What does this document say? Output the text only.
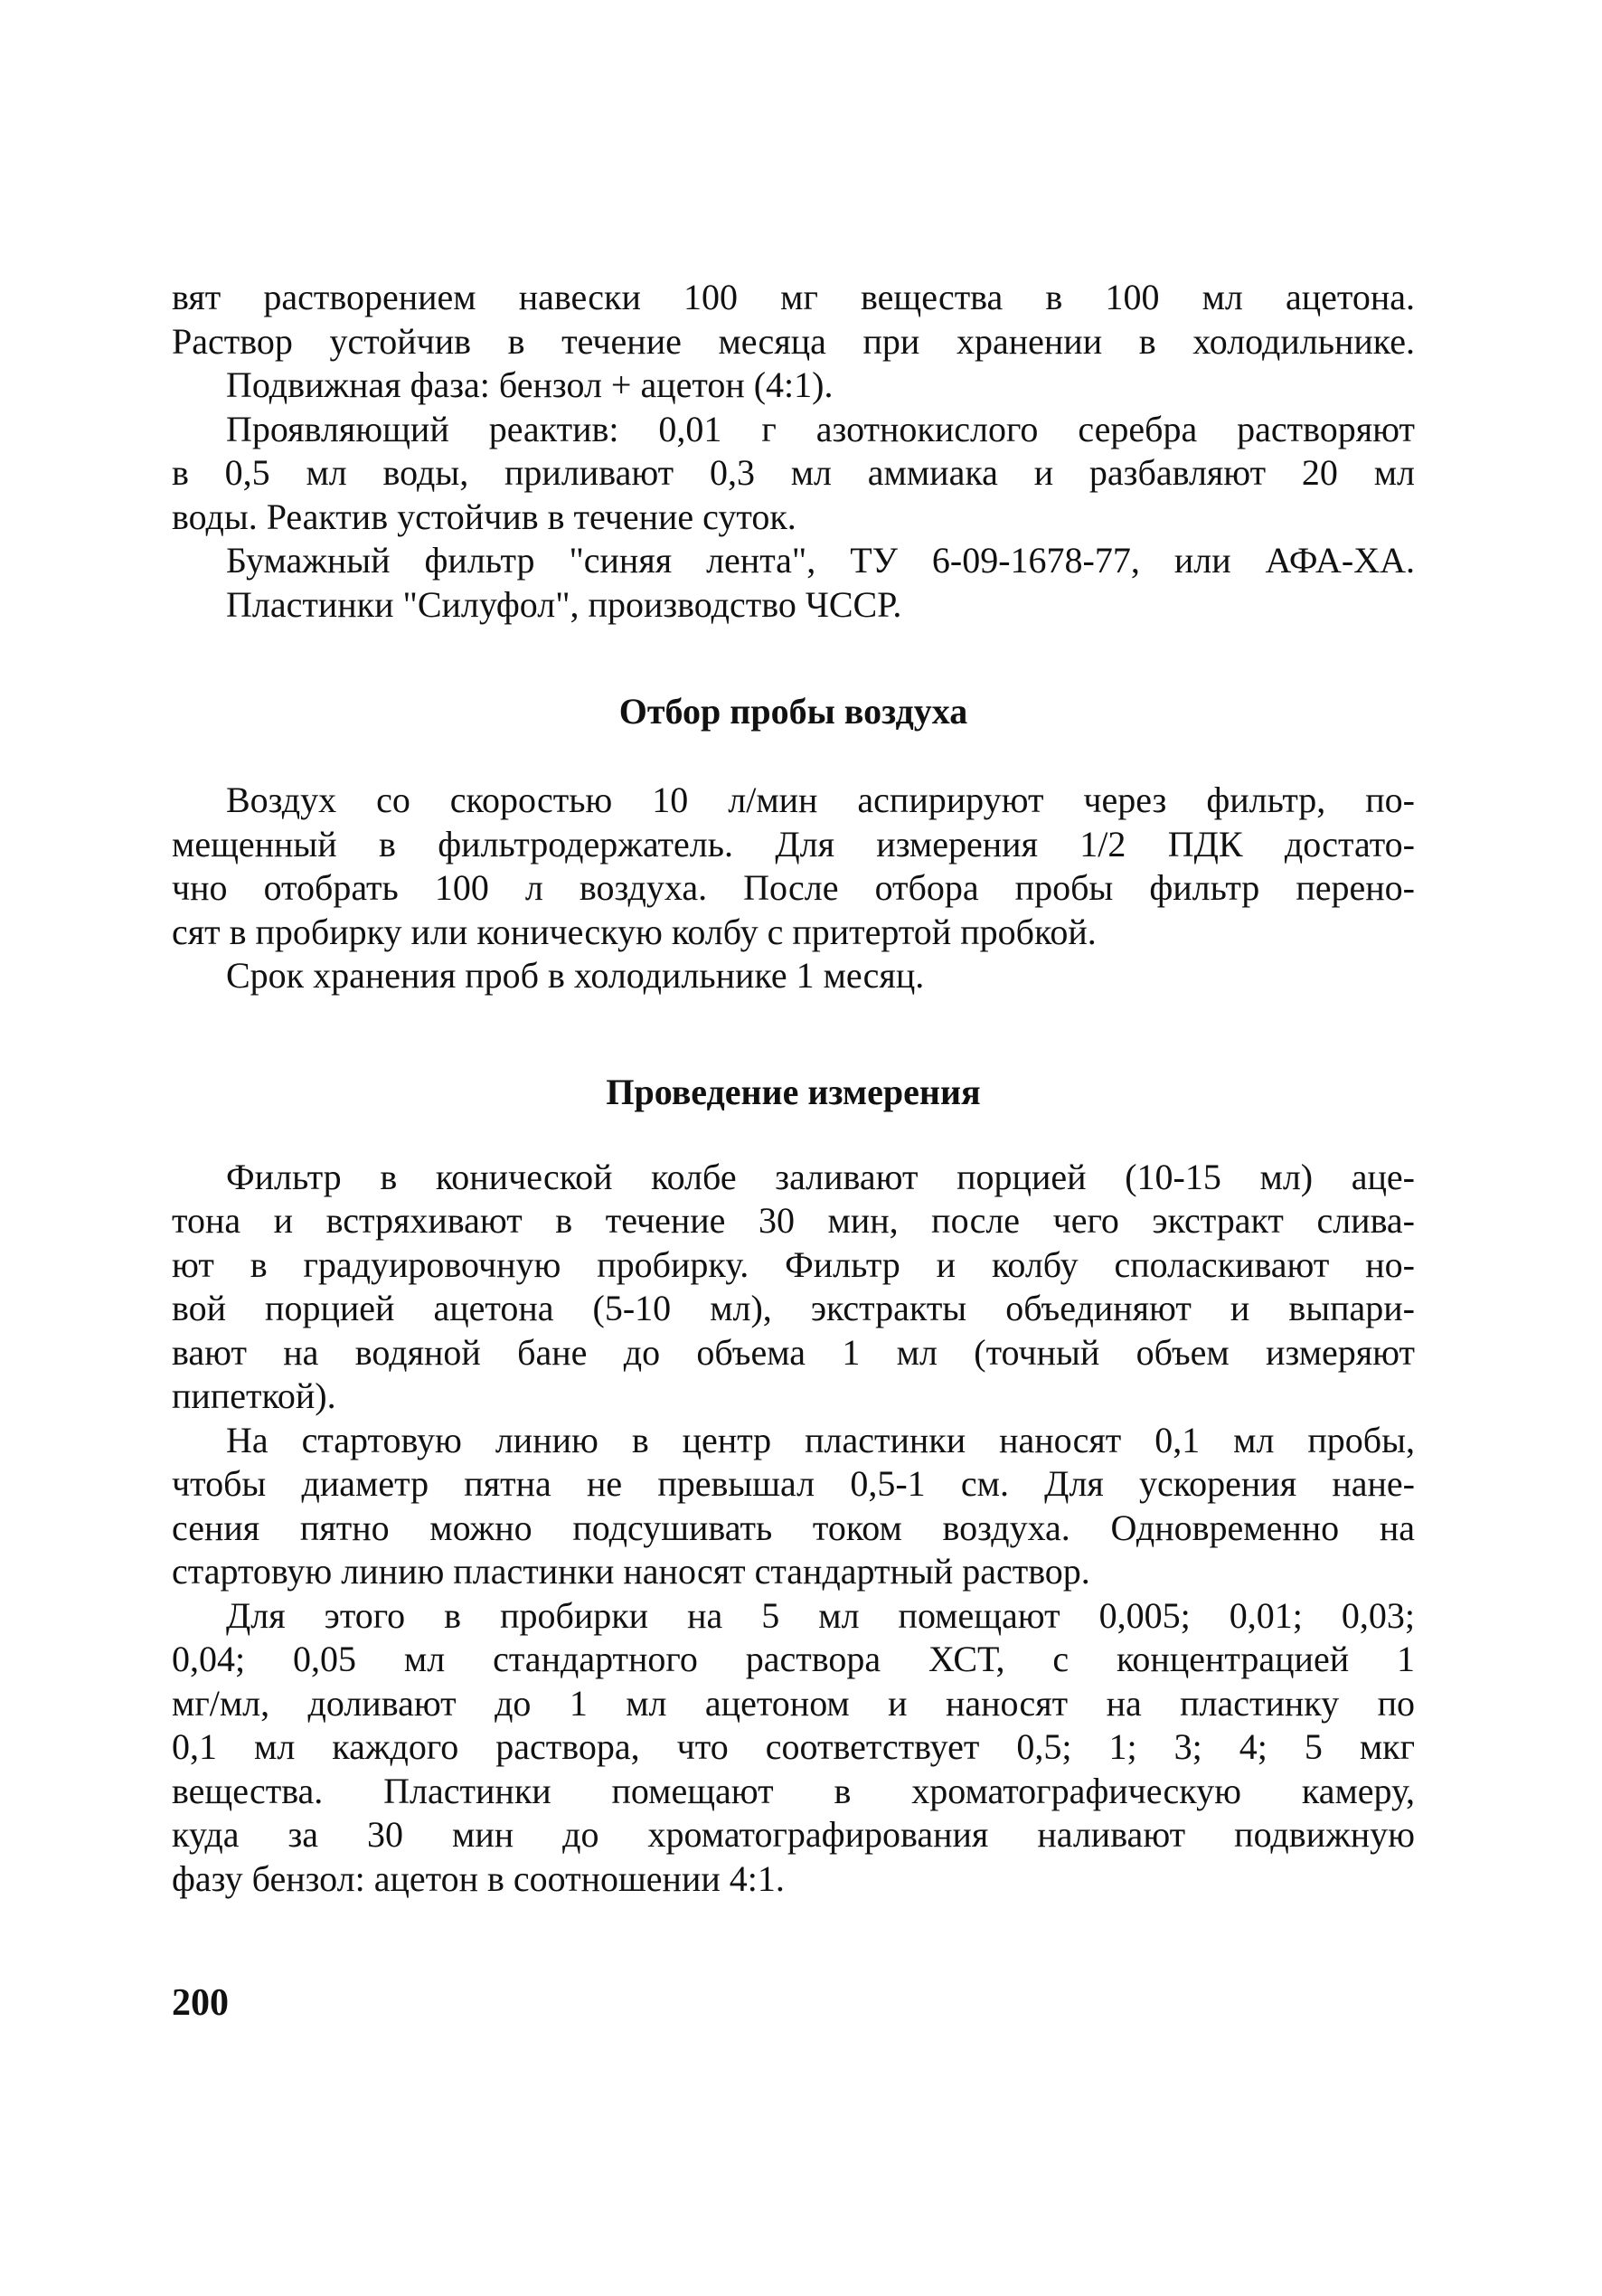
вят растворением навески 100 мг вещества в 100 мл ацетона.

Раствор устойчив в течение месяца при хранении в холодильнике.

Подвижная фаза: бензол + ацетон (4:1).

Проявляющий реактив: 0,01 г азотнокислого серебра растворяют

в 0,5 мл воды, приливают 0,3 мл аммиака и разбавляют 20 мл

воды. Реактив устойчив в течение суток.

Бумажный фильтр "синяя лента", ТУ 6-09-1678-77, или АФА-ХА.

Пластинки "Силуфол", производство ЧССР.

Отбор пробы воздуха

Воздух со скоростью 10 л/мин аспирируют через фильтр, по-

мещенный в фильтродержатель. Для измерения 1/2 ПДК достато-

чно отобрать 100 л воздуха. После отбора пробы фильтр перено-

сят в пробирку или коническую колбу с притертой пробкой.

Срок хранения проб в холодильнике 1 месяц.

Проведение измерения

Фильтр в конической колбе заливают порцией (10-15 мл) аце-

тона и встряхивают в течение 30 мин, после чего экстракт слива-

ют в градуировочную пробирку. Фильтр и колбу споласкивают но-

вой порцией ацетона (5-10 мл), экстракты объединяют и выпари-

вают на водяной бане до объема 1 мл (точный объем измеряют

пипеткой).

На стартовую линию в центр пластинки наносят 0,1 мл пробы,

чтобы диаметр пятна не превышал 0,5-1 см. Для ускорения нане-

сения пятно можно подсушивать током воздуха. Одновременно на

стартовую линию пластинки наносят стандартный раствор.

Для этого в пробирки на 5 мл помещают 0,005; 0,01; 0,03;

0,04; 0,05 мл стандартного раствора ХСТ, с концентрацией 1

мг/мл, доливают до 1 мл ацетоном и наносят на пластинку по

0,1 мл каждого раствора, что соответствует 0,5; 1; 3; 4; 5 мкг

вещества. Пластинки помещают в хроматографическую камеру,

куда за 30 мин до хроматографирования наливают подвижную

фазу бензол: ацетон в соотношении 4:1.

200
